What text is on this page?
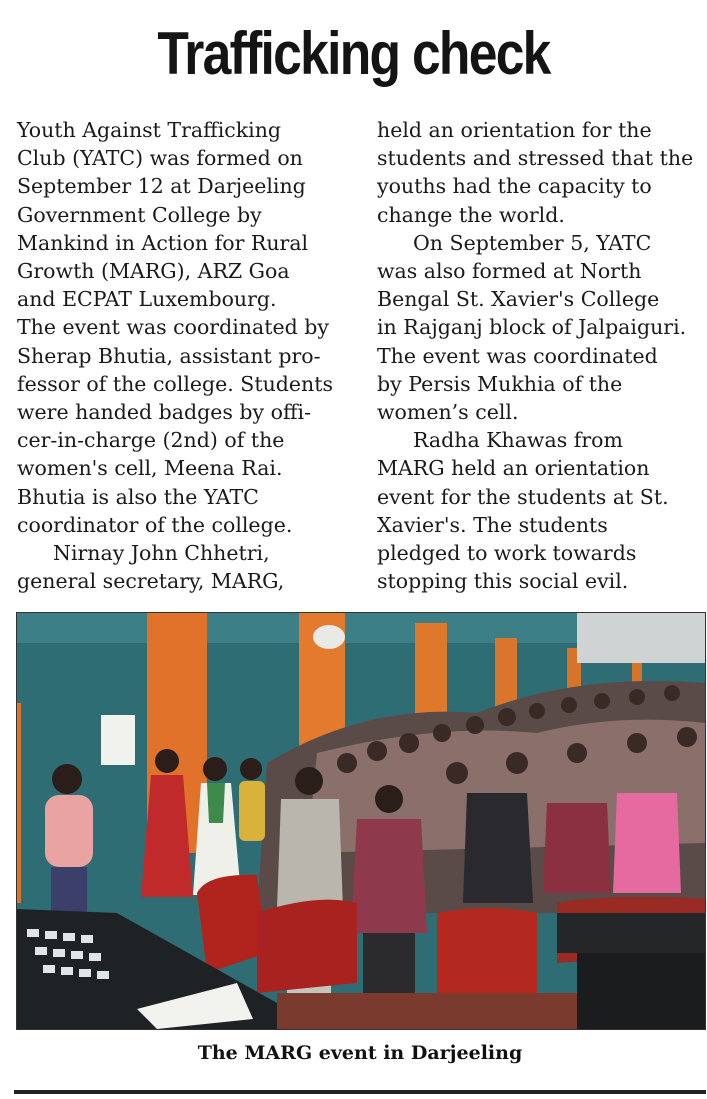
Trafficking check

Youth Against Trafficking
Club (YATC) was formed on
September 12 at Darjeeling
Government College by
Mankind in Action for Rural
Growth (MARG), ARZ Goa
and ECPAT Luxembourg.
The event was coordinated by
Sherap Bhutia, assistant pro-
fessor of the college. Students
were handed badges by offi-
cer-in-charge (2nd) of the
women's cell, Meena Rai.
Bhutia is also the YATC
coordinator of the college.

Nirnay John Chhetri,
general secretary, MARG,

held an orientation for the
students and stressed that the
youths had the capacity to
change the world.

On September 5, YATC
was also formed at North
Bengal St. Xavier's College
in Rajganj block of Jalpaiguri.
The event was coordinated
by Persis Mukhia of the
women’s cell.

Radha Khawas from
MARG held an orientation
event for the students at St.
Xavier's. The students
pledged to work towards
stopping this social evil.

The MARG event in Darjeeling
